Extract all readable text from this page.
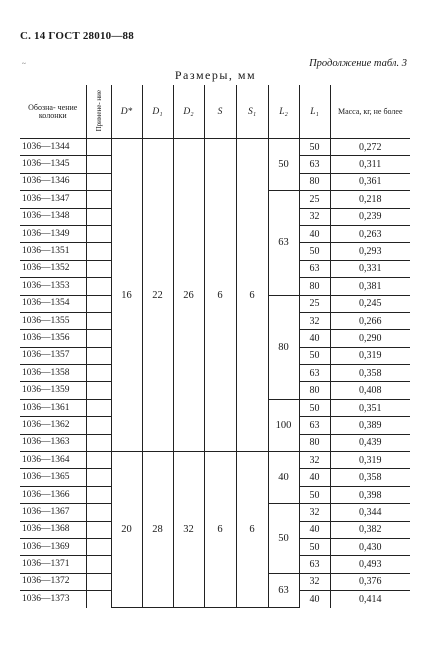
С. 14 ГОСТ 28010—88
~	Продолжение табл. 3
Размеры, мм
Обозна- чение колонки	Примене- ние	D*	D₁	D₂	S	S₁	L₂	L₁	Масса, кг, не более
1036—1344		16	22	26	6	6	50	50	0,272
1036—1345								63	0,311
1036—1346								80	0,361
1036—1347							63	25	0,218
1036—1348								32	0,239
1036—1349								40	0,263
1036—1351								50	0,293
1036—1352								63	0,331
1036—1353								80	0,381
1036—1354							80	25	0,245
1036—1355								32	0,266
1036—1356								40	0,290
1036—1357								50	0,319
1036—1358								63	0,358
1036—1359								80	0,408
1036—1361							100	50	0,351
1036—1362								63	0,389
1036—1363								80	0,439
1036—1364		20	28	32	6	6	40	32	0,319
1036—1365								40	0,358
1036—1366								50	0,398
1036—1367							50	32	0,344
1036—1368								40	0,382
1036—1369								50	0,430
1036—1371								63	0,493
1036—1372							63	32	0,376
1036—1373								40	0,414
